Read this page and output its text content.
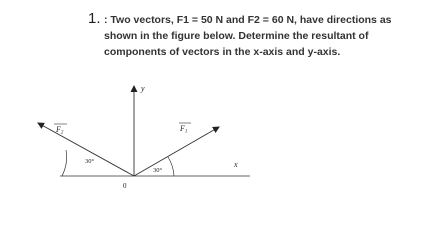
1. : Two vectors, F1 = 50 N and F2 = 60 N, have directions as
shown in the figure below. Determine the resultant of
components of vectors in the x-axis and y-axis.
y
x
0
F1
F2
30°
30°
